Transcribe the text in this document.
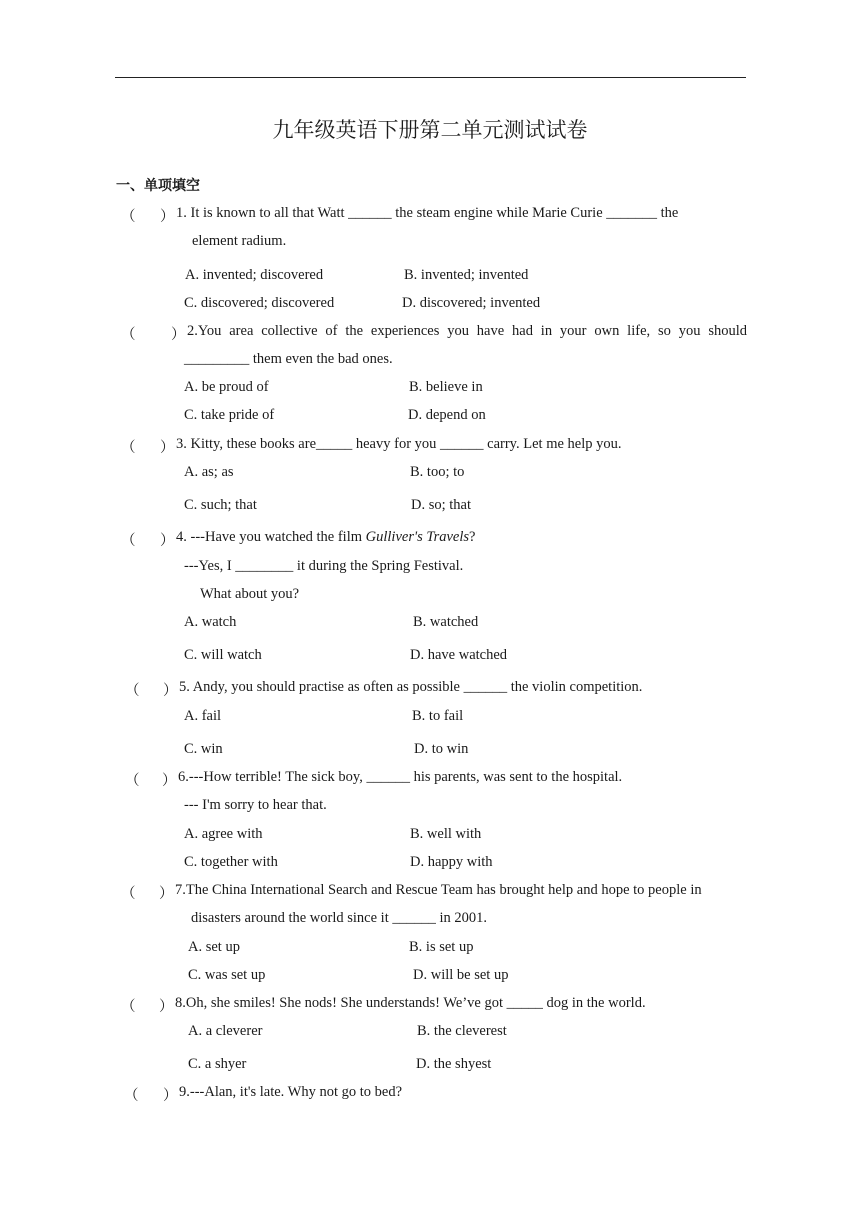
九年级英语下册第二单元测试试卷
一、单项填空
（ ） 1. It is known to all that Watt ______ the steam engine while Marie Curie _______ the
element radium.
A. invented; discovered	B. invented; invented
C. discovered; discovered	D. discovered; invented
（ ） 2.You area collective of the experiences you have had in your own life, so you should
_________ them even the bad ones.
A. be proud of	B. believe in
C. take pride of	D. depend on
（ ） 3. Kitty, these books are_____ heavy for you ______ carry. Let me help you.
A. as; as	B. too; to
C. such; that	D. so; that
（ ） 4. ---Have you watched the film Gulliver's Travels?
---Yes, I ________ it during the Spring Festival.
What about you?
A. watch	B. watched
C. will watch	D. have watched
（ ） 5. Andy, you should practise as often as possible ______ the violin competition.
A. fail	B. to fail
C. win	D. to win
（ ） 6.---How terrible! The sick boy, ______ his parents, was sent to the hospital.
--- I'm sorry to hear that.
A. agree with	B. well with
C. together with	D. happy with
（ ） 7.The China International Search and Rescue Team has brought help and hope to people in
disasters around the world since it ______ in 2001.
A. set up	B. is set up
C. was set up	D. will be set up
（ ） 8.Oh, she smiles! She nods! She understands! We’ve got _____ dog in the world.
A. a cleverer	B. the cleverest
C. a shyer	D. the shyest
（ ） 9.---Alan, it's late. Why not go to bed?
